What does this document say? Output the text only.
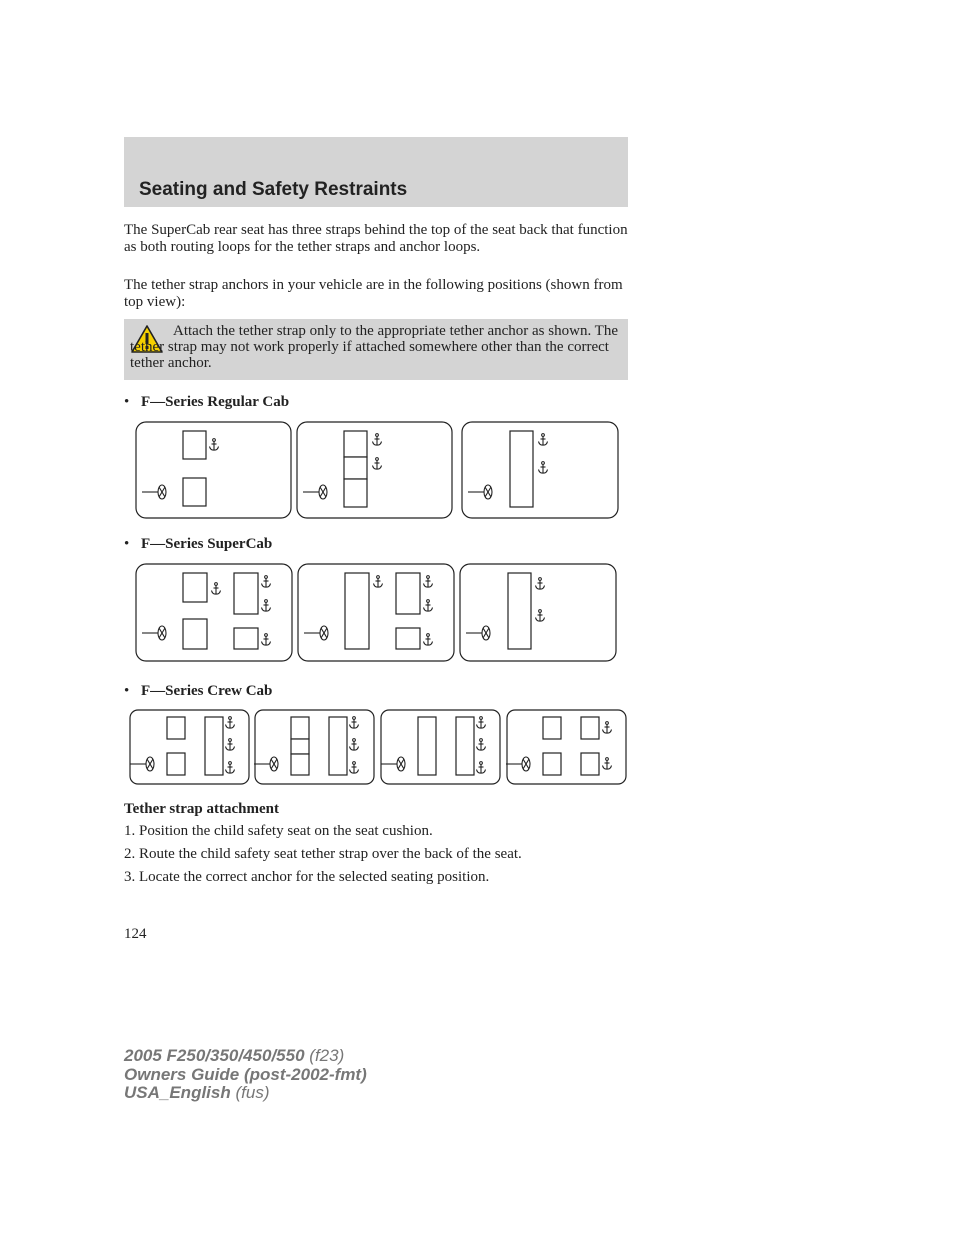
Seating and Safety Restraints

The SuperCab rear seat has three straps behind the top of the seat back that function as both routing loops for the tether straps and anchor loops.

The tether strap anchors in your vehicle are in the following positions (shown from top view):

Attach the tether strap only to the appropriate tether anchor as shown. The tether strap may not work properly if attached somewhere other than the correct tether anchor.

• F—Series Regular Cab
• F—Series SuperCab
• F—Series Crew Cab
Tether strap attachment
1. Position the child safety seat on the seat cushion.
2. Route the child safety seat tether strap over the back of the seat.
3. Locate the correct anchor for the selected seating position.
124
2005 F250/350/450/550 (f23)
Owners Guide (post-2002-fmt)
USA_English (fus)
